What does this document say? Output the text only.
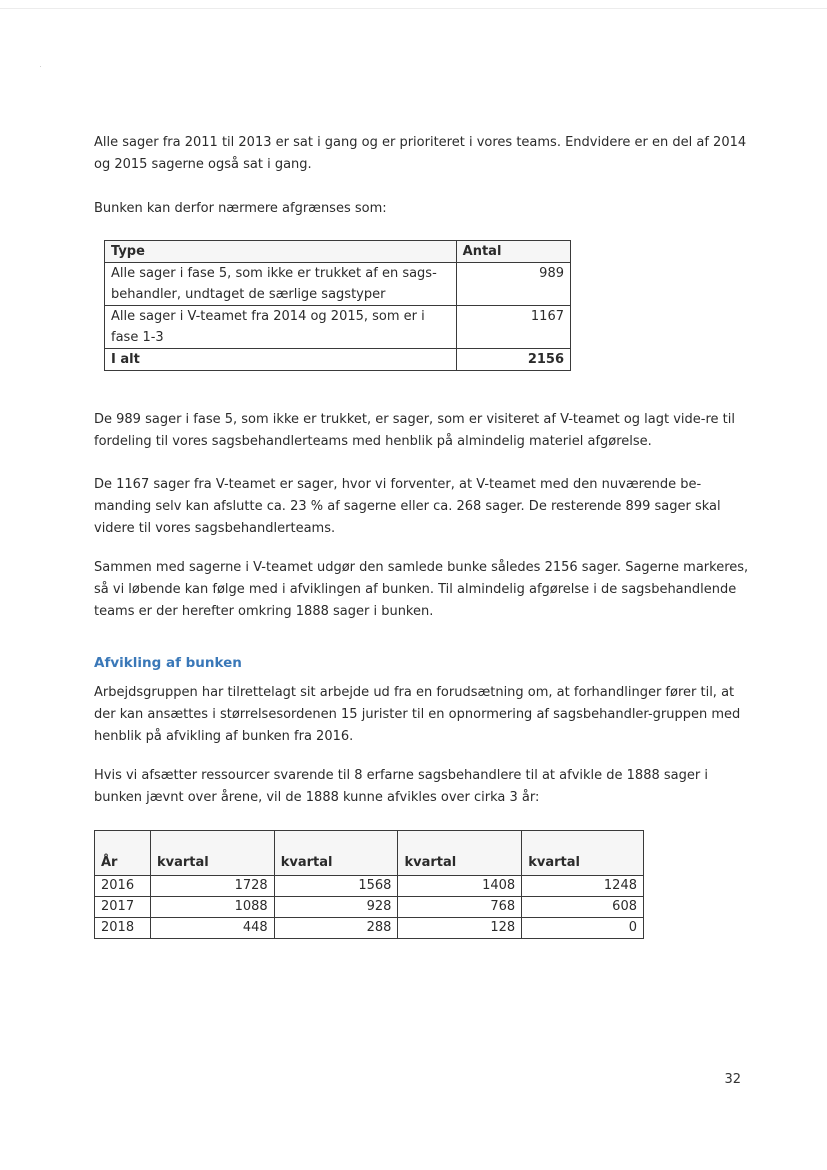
Alle sager fra 2011 til 2013 er sat i gang og er prioriteret i vores teams. Endvidere er en del af 2014 og 2015 sagerne også sat i gang.

Bunken kan derfor nærmere afgrænses som:

Type	Antal
Alle sager i fase 5, som ikke er trukket af en sags-behandler, undtaget de særlige sagstyper	989
Alle sager i V-teamet fra 2014 og 2015, som er i fase 1-3	1167
I alt	2156

De 989 sager i fase 5, som ikke er trukket, er sager, som er visiteret af V-teamet og lagt vide-re til fordeling til vores sagsbehandlerteams med henblik på almindelig materiel afgørelse.

De 1167 sager fra V-teamet er sager, hvor vi forventer, at V-teamet med den nuværende be-manding selv kan afslutte ca. 23 % af sagerne eller ca. 268 sager. De resterende 899 sager skal videre til vores sagsbehandlerteams.

Sammen med sagerne i V-teamet udgør den samlede bunke således 2156 sager. Sagerne markeres, så vi løbende kan følge med i afviklingen af bunken. Til almindelig afgørelse i de sagsbehandlende teams er der herefter omkring 1888 sager i bunken.

Afvikling af bunken

Arbejdsgruppen har tilrettelagt sit arbejde ud fra en forudsætning om, at forhandlinger fører til, at der kan ansættes i størrelsesordenen 15 jurister til en opnormering af sagsbehandler-gruppen med henblik på afvikling af bunken fra 2016.

Hvis vi afsætter ressourcer svarende til 8 erfarne sagsbehandlere til at afvikle de 1888 sager i bunken jævnt over årene, vil de 1888 kunne afvikles over cirka 3 år:

År	kvartal	kvartal	kvartal	kvartal
2016	1728	1568	1408	1248
2017	1088	928	768	608
2018	448	288	128	0

32
